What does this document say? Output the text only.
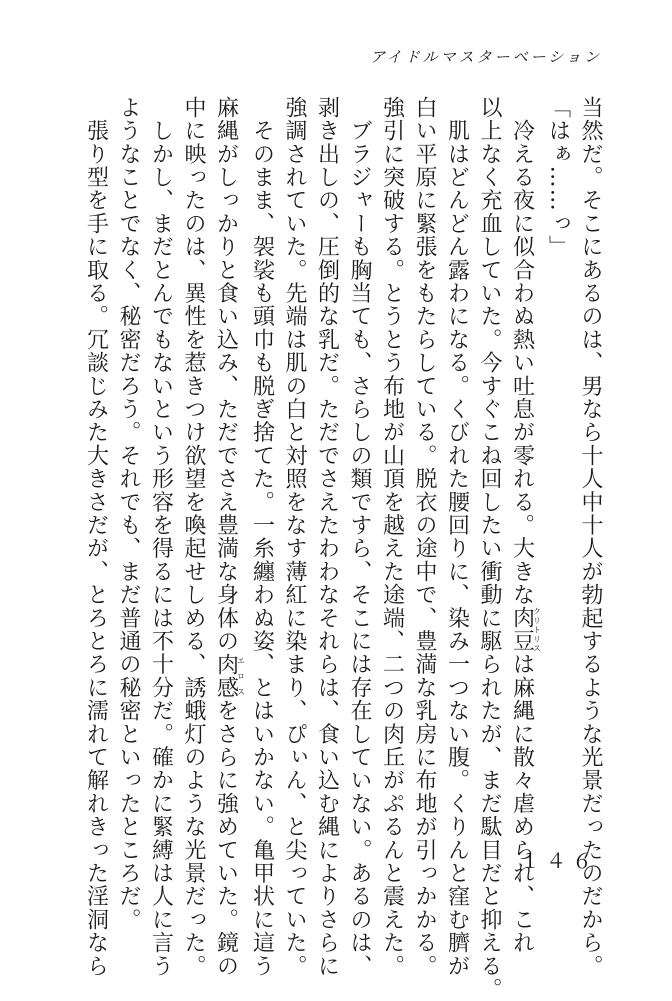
アイドルマスターベーション

当然だ。そこにあるのは、男なら十人中十人が勃起するような光景だったのだから。

「はぁ……っ」

　冷える夜に似合わぬ熱い吐息が零れる。大きな肉豆クリトリスは麻縄に散々虐められ、これ

以上なく充血していた。今すぐこね回したい衝動に駆られたが、まだ駄目だと抑える。

　肌はどんどん露わになる。くびれた腰回りに、染み一つない腹。くりんと窪む臍が

白い平原に緊張をもたらしている。脱衣の途中で、豊満な乳房に布地が引っかかる。

強引に突破する。とうとう布地が山頂を越えた途端、二つの肉丘がぷるんと震えた。

　ブラジャーも胸当ても、さらしの類ですら、そこには存在していない。あるのは、

剥き出しの、圧倒的な乳だ。ただでさえたわわなそれらは、食い込む縄によりさらに

強調されていた。先端は肌の白と対照をなす薄紅に染まり、ぴぃん、と尖っていた。

　そのまま、袈裟も頭巾も脱ぎ捨てた。一糸纏わぬ姿、とはいかない。亀甲状に這う

麻縄がしっかりと食い込み、ただでさえ豊満な身体の肉感エロスをさらに強めていた。鏡の

中に映ったのは、異性を惹きつけ欲望を喚起せしめる、誘蛾灯のような光景だった。

　しかし、まだとんでもないという形容を得るには不十分だ。確かに緊縛は人に言う

ようなことでなく、秘密だろう。それでも、まだ普通の秘密といったところだ。

　張り型を手に取る。冗談じみた大きさだが、とろとろに濡れて解れきった淫洞なら	１４６
